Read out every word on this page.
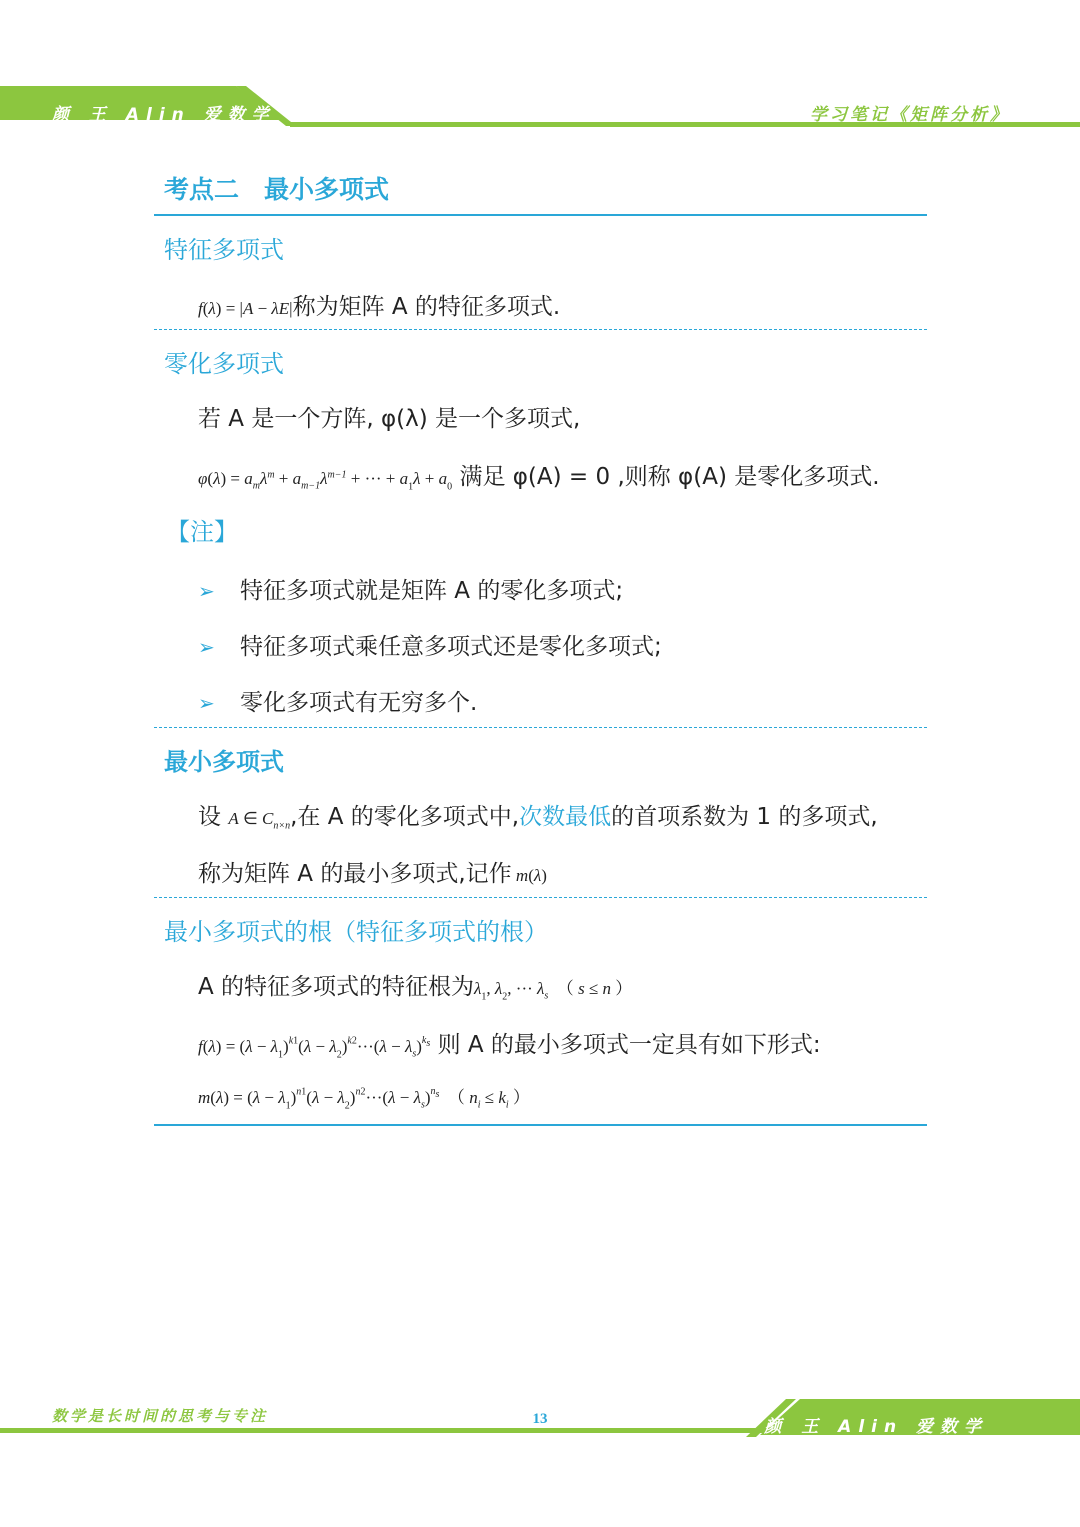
颜 王 Alin 爱数学	学习笔记《矩阵分析》
数学是长时间的思考与专注	13	颜 王 Alin 爱数学
考点二　最小多项式
特征多项式
f(λ) = |A − λE|称为矩阵 A 的特征多项式.
零化多项式
若 A 是一个方阵, φ(λ) 是一个多项式,
$\varphi(\lambda) = a_m\lambda^m + a_{m-1}\lambda^{m-1}$ + ··· + $a_1\lambda + a_0$ 满足 φ(A) = 0 ,则称 φ(A) 是零化多项式.
【注】
➢ 特征多项式就是矩阵 A 的零化多项式;
➢ 特征多项式乘任意多项式还是零化多项式;
➢ 零化多项式有无穷多个.
最小多项式
设 A ∈ $C_{n\times n}$,在 A 的零化多项式中,次数最低的首项系数为 1 的多项式,
称为矩阵 A 的最小多项式,记作 m(λ)
最小多项式的根（特征多项式的根）
A 的特征多项式的特征根为$\lambda_1$, $\lambda_2$, ··· $\lambda_s$　（ s ≤ n ）
$f(\lambda) = (\lambda - \lambda_1)^{k1}(\lambda - \lambda_2)^{k2}\cdot\cdot\cdot(\lambda - \lambda_s)^{k_s}$ 则 A 的最小多项式一定具有如下形式:
$m(\lambda) = (\lambda - \lambda_1)^{n1}(\lambda - \lambda_2)^{n2}\cdot\cdot\cdot(\lambda - \lambda_s)^{n_s}$　（ $n_i \le k_i$ ）
